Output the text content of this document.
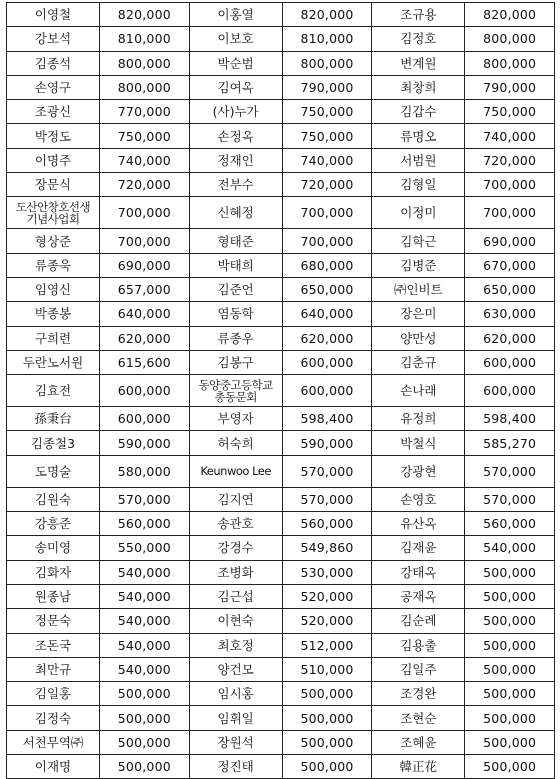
이영철	820,000	이홍열	820,000	조규용	820,000
강보석	810,000	이보호	810,000	김정호	800,000
김종석	800,000	박순범	800,000	변계원	800,000
손영구	800,000	김여옥	790,000	최창희	790,000
조광신	770,000	(사)누가	750,000	김갑수	750,000
박정도	750,000	손정옥	750,000	류명오	740,000
이명주	740,000	정재인	740,000	서범원	720,000
장문식	720,000	전부수	720,000	김형일	700,000
도산안창호선생 기념사업회	700,000	신혜정	700,000	이정미	700,000
형상준	700,000	형태준	700,000	김학근	690,000
류종욱	690,000	박태희	680,000	김병준	670,000
임영신	657,000	김준언	650,000	㈜인비트	650,000
박종봉	640,000	염동학	640,000	장은미	630,000
구희련	620,000	류종우	620,000	양만성	620,000
두란노서원	615,600	김봉구	600,000	김춘규	600,000
김효전	600,000	동양중고등학교 총동문회	600,000	손나래	600,000
孫秉台	600,000	부영자	598,400	유정희	598,400
김종철3	590,000	허숙희	590,000	박철식	585,270
도명술	580,000	Keunwoo Lee	570,000	강광현	570,000
김원숙	570,000	김지연	570,000	손영호	570,000
강흥준	560,000	송관호	560,000	유산옥	560,000
송미영	550,000	강경수	549,860	김재윤	540,000
김화자	540,000	조병화	530,000	강태옥	500,000
원종남	540,000	김근섭	520,000	공재옥	500,000
정문숙	540,000	이현숙	520,000	김순례	500,000
조돈국	540,000	최호정	512,000	김용출	500,000
최만규	540,000	양건모	510,000	김일주	500,000
김일홍	500,000	임시홍	500,000	조경완	500,000
김정숙	500,000	임휘일	500,000	조현순	500,000
서천무역㈜	500,000	장원석	500,000	조혜윤	500,000
이재명	500,000	정진태	500,000	韓正花	500,000
